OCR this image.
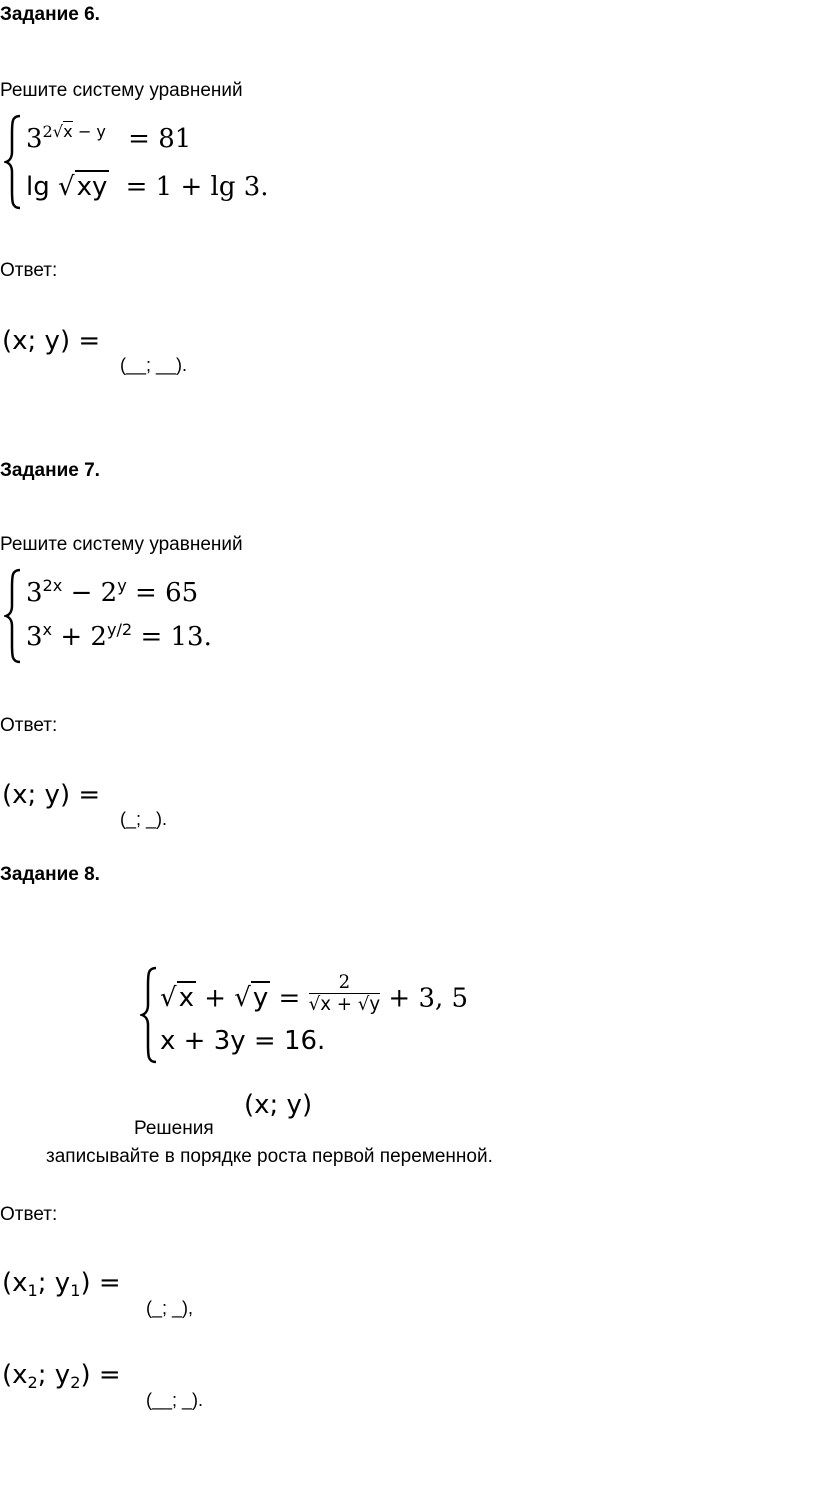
Задание 6.
Решите систему уравнений
$3^{2√x - y} = 81$
lg √xy = 1 + lg 3.
Ответ:
(x; y) =
(__; __).
Задание 7.
Решите систему уравнений
$3^{2x} - 2^y = 65$
$3^x + 2^{y/2} = 13$.
Ответ:
(x; y) =
(_; _).
Задание 8.
$√x + √y = \frac{2}{√x + √y} + 3$, 5
x + 3y = 16.
(x; y)
Решения
записывайте в порядке роста первой переменной.
Ответ:
($x_1$; $y_1$) =
(_; _),
($x_2$; $y_2$) =
(__; _).
